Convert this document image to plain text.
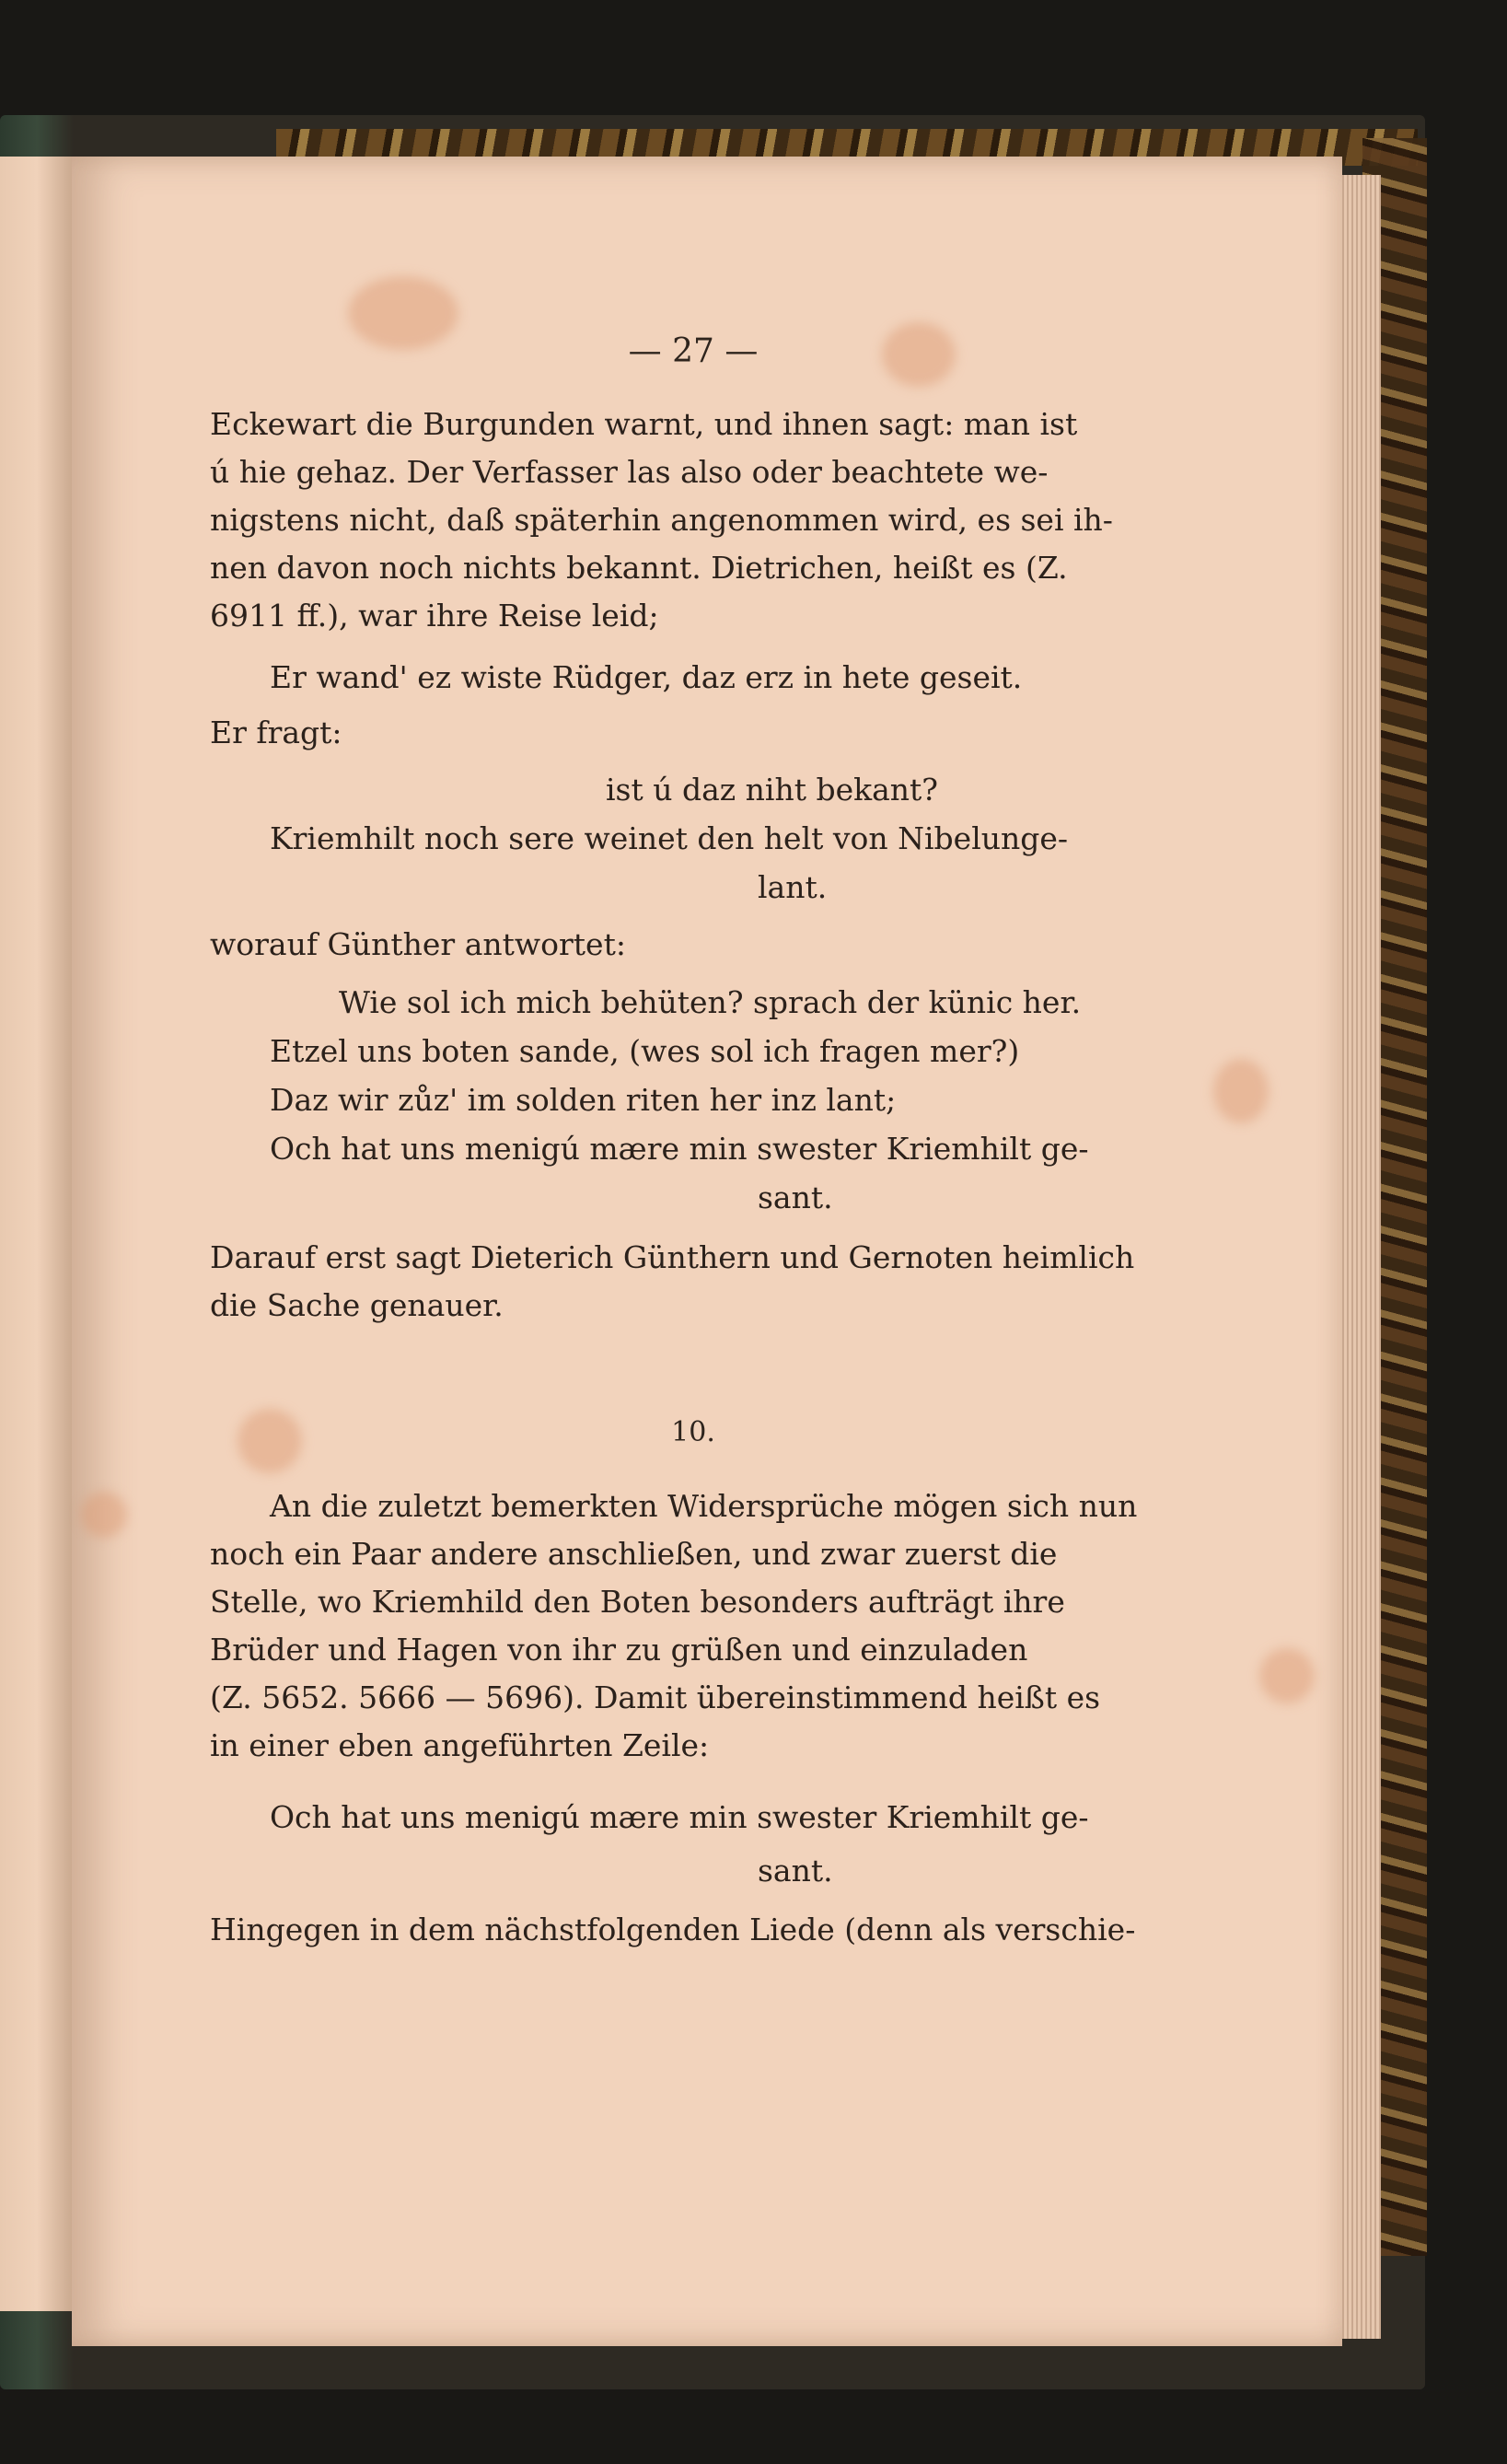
— 27 —
Eckewart die Burgunden warnt, und ihnen sagt: man ist
ú hie gehaz. Der Verfasser las also oder beachtete we-
nigstens nicht, daß späterhin angenommen wird, es sei ih-
nen davon noch nichts bekannt. Dietrichen, heißt es (Z.
6911 ff.), war ihre Reise leid;
Er wand' ez wiste Rüdger, daz erz in hete geseit.
Er fragt:
ist ú daz niht bekant?
Kriemhilt noch sere weinet den helt von Nibelunge-
lant.
worauf Günther antwortet:
Wie sol ich mich behüten? sprach der künic her.
Etzel uns boten sande, (wes sol ich fragen mer?)
Daz wir zůz' im solden riten her inz lant;
Och hat uns menigú mære min swester Kriemhilt ge-
sant.
Darauf erst sagt Dieterich Günthern und Gernoten heimlich
die Sache genauer.
10.
An die zuletzt bemerkten Widersprüche mögen sich nun
noch ein Paar andere anschließen, und zwar zuerst die
Stelle, wo Kriemhild den Boten besonders aufträgt ihre
Brüder und Hagen von ihr zu grüßen und einzuladen
(Z. 5652. 5666 — 5696). Damit übereinstimmend heißt es
in einer eben angeführten Zeile:
Och hat uns menigú mære min swester Kriemhilt ge-
sant.
Hingegen in dem nächstfolgenden Liede (denn als verschie-
